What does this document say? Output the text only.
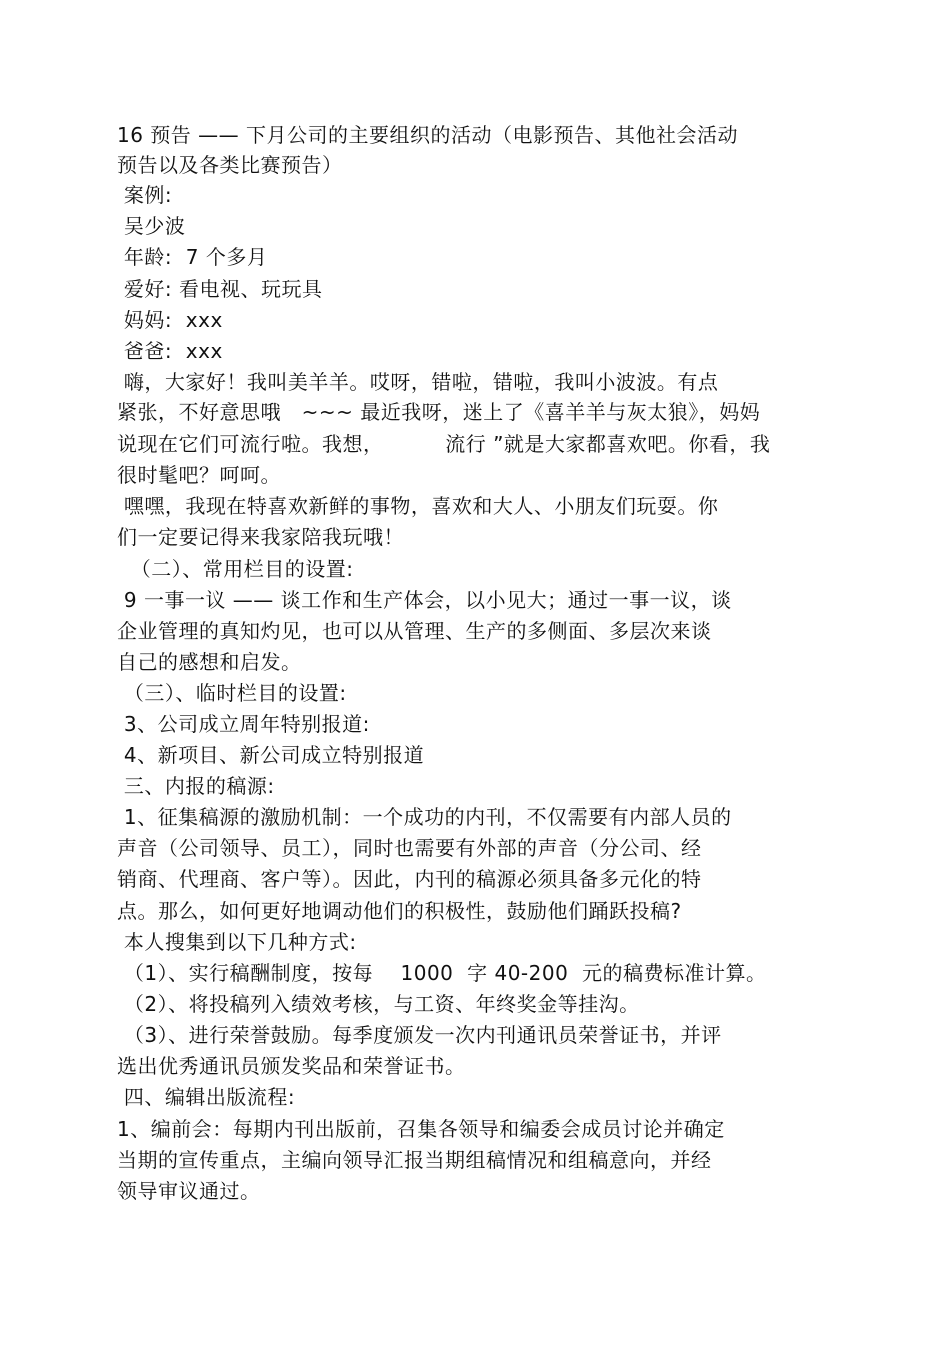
16 预告 —— 下月公司的主要组织的活动（电影预告、其他社会活动
预告以及各类比赛预告）
案例:
吴少波
年龄:  7 个多月
爱好: 看电视、玩玩具
妈妈:  xxx
爸爸:  xxx
嗨，大家好！我叫美羊羊。哎呀，错啦，错啦，我叫小波波。有点
紧张，不好意思哦   ~~~ 最近我呀，迷上了《喜羊羊与灰太狼》，妈妈
说现在它们可流行啦。我想，         流行 ”就是大家都喜欢吧。你看，我
很时髦吧？呵呵。
嘿嘿，我现在特喜欢新鲜的事物，喜欢和大人、小朋友们玩耍。你
们一定要记得来我家陪我玩哦！
（二）、常用栏目的设置:
9 一事一议 —— 谈工作和生产体会，以小见大；通过一事一议，谈
企业管理的真知灼见，也可以从管理、生产的多侧面、多层次来谈
自己的感想和启发。
（三）、临时栏目的设置:
3、公司成立周年特别报道:
4、新项目、新公司成立特别报道
三、内报的稿源:
1、征集稿源的激励机制：一个成功的内刊，不仅需要有内部人员的
声音（公司领导、员工），同时也需要有外部的声音（分公司、经
销商、代理商、客户等）。因此，内刊的稿源必须具备多元化的特
点。那么，如何更好地调动他们的积极性，鼓励他们踊跃投稿?
本人搜集到以下几种方式:
（1）、实行稿酬制度，按每    1000  字 40-200  元的稿费标准计算。
（2）、将投稿列入绩效考核，与工资、年终奖金等挂沟。
（3）、进行荣誉鼓励。每季度颁发一次内刊通讯员荣誉证书，并评
选出优秀通讯员颁发奖品和荣誉证书。
四、编辑出版流程:
1、编前会：每期内刊出版前，召集各领导和编委会成员讨论并确定
当期的宣传重点，主编向领导汇报当期组稿情况和组稿意向，并经
领导审议通过。
